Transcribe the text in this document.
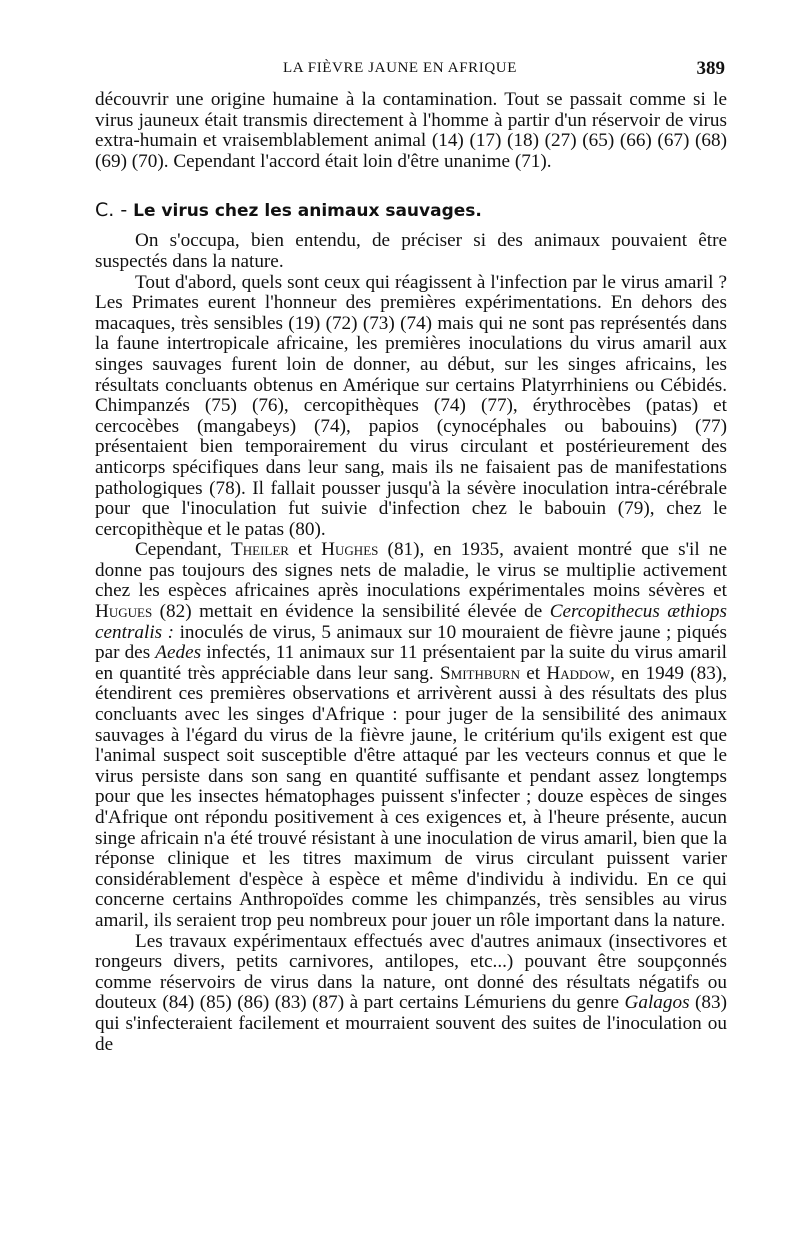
LA FIÈVRE JAUNE EN AFRIQUE	389

découvrir une origine humaine à la contamination. Tout se passait comme si le virus jauneux était transmis directement à l'homme à partir d'un réservoir de virus extra-humain et vraisemblablement animal (14) (17) (18) (27) (65) (66) (67) (68) (69) (70). Cependant l'accord était loin d'être unanime (71).

C. - Le virus chez les animaux sauvages.

On s'occupa, bien entendu, de préciser si des animaux pouvaient être suspectés dans la nature.

Tout d'abord, quels sont ceux qui réagissent à l'infection par le virus amaril ? Les Primates eurent l'honneur des premières expérimentations. En dehors des macaques, très sensibles (19) (72) (73) (74) mais qui ne sont pas représentés dans la faune intertropicale africaine, les premières inoculations du virus amaril aux singes sauvages furent loin de donner, au début, sur les singes africains, les résultats concluants obtenus en Amérique sur certains Platyrrhiniens ou Cébidés. Chimpanzés (75) (76), cercopithèques (74) (77), érythrocèbes (patas) et cercocèbes (mangabeys) (74), papios (cynocéphales ou babouins) (77) présentaient bien temporairement du virus circulant et postérieurement des anticorps spécifiques dans leur sang, mais ils ne faisaient pas de manifestations pathologiques (78). Il fallait pousser jusqu'à la sévère inoculation intra-cérébrale pour que l'inoculation fut suivie d'infection chez le babouin (79), chez le cercopithèque et le patas (80).

Cependant, Theiler et Hughes (81), en 1935, avaient montré que s'il ne donne pas toujours des signes nets de maladie, le virus se multiplie activement chez les espèces africaines après inoculations expérimentales moins sévères et Hugues (82) mettait en évidence la sensibilité élevée de Cercopithecus æthiops centralis : inoculés de virus, 5 animaux sur 10 mouraient de fièvre jaune ; piqués par des Aedes infectés, 11 animaux sur 11 présentaient par la suite du virus amaril en quantité très appréciable dans leur sang. Smithburn et Haddow, en 1949 (83), étendirent ces premières observations et arrivèrent aussi à des résultats des plus concluants avec les singes d'Afrique : pour juger de la sensibilité des animaux sauvages à l'égard du virus de la fièvre jaune, le critérium qu'ils exigent est que l'animal suspect soit susceptible d'être attaqué par les vecteurs connus et que le virus persiste dans son sang en quantité suffisante et pendant assez longtemps pour que les insectes hématophages puissent s'infecter ; douze espèces de singes d'Afrique ont répondu positivement à ces exigences et, à l'heure présente, aucun singe africain n'a été trouvé résistant à une inoculation de virus amaril, bien que la réponse clinique et les titres maximum de virus circulant puissent varier considérablement d'espèce à espèce et même d'individu à individu. En ce qui concerne certains Anthropoïdes comme les chimpanzés, très sensibles au virus amaril, ils seraient trop peu nombreux pour jouer un rôle important dans la nature.

Les travaux expérimentaux effectués avec d'autres animaux (insectivores et rongeurs divers, petits carnivores, antilopes, etc...) pouvant être soupçonnés comme réservoirs de virus dans la nature, ont donné des résultats négatifs ou douteux (84) (85) (86) (83) (87) à part certains Lémuriens du genre Galagos (83) qui s'infecteraient facilement et mourraient souvent des suites de l'inoculation ou de
